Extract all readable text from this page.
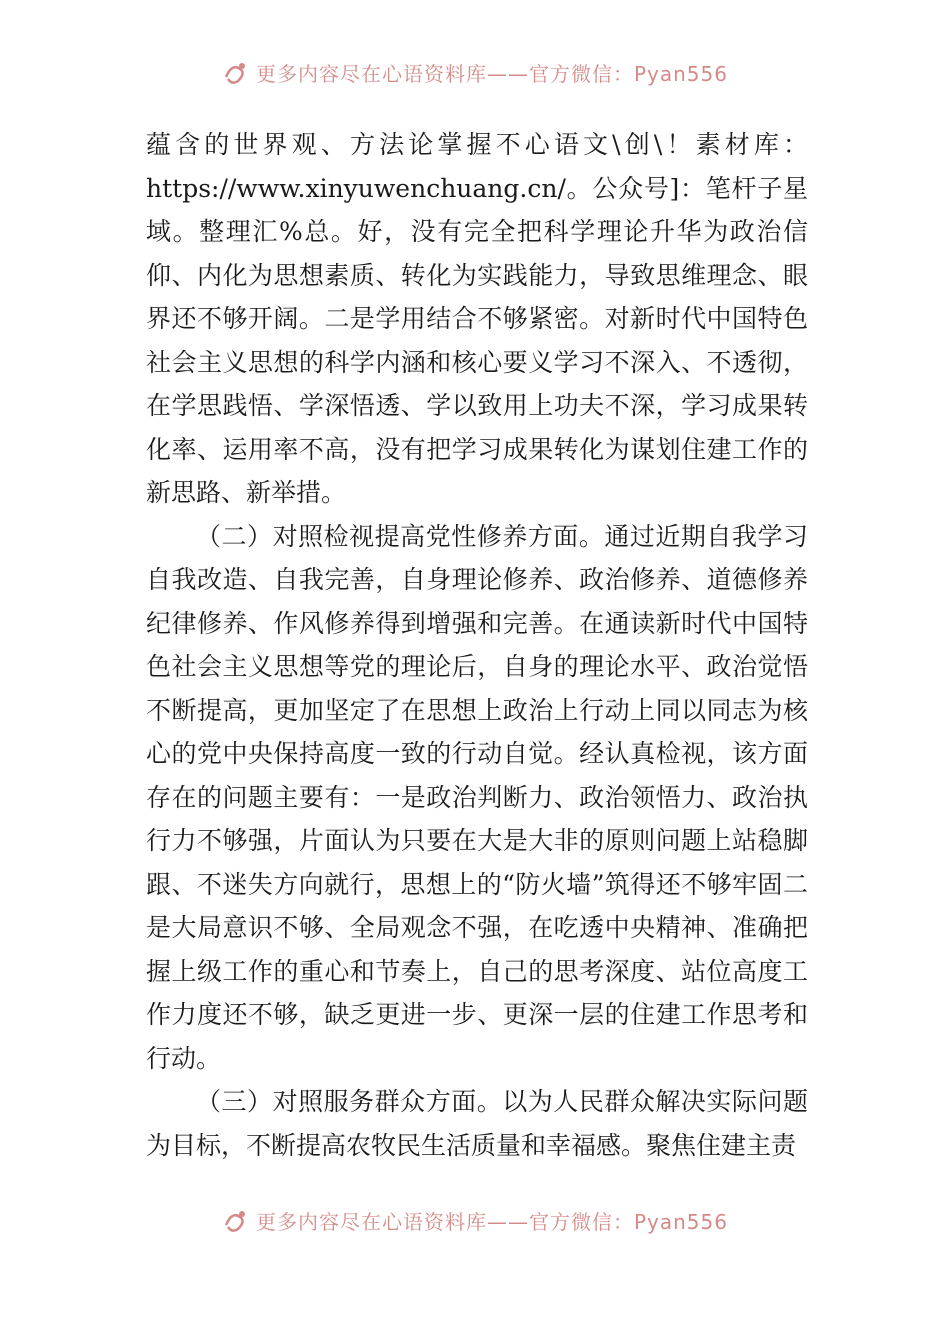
更多内容尽在心语资料库——官方微信：Pyan556

蕴含的世界观、方法论掌握不心语文\创\！素材库：

https://www.xinyuwenchuang.cn/。公众号]：笔杆子星域。整理汇%总。好，没有完全把科学理论升华为政治信仰、内化为思想素质、转化为实践能力，导致思维理念、眼界还不够开阔。二是学用结合不够紧密。对新时代中国特色社会主义思想的科学内涵和核心要义学习不深入、不透彻，在学思践悟、学深悟透、学以致用上功夫不深，学习成果转化率、运用率不高，没有把学习成果转化为谋划住建工作的新思路、新举措。

（二）对照检视提高党性修养方面。通过近期自我学习自我改造、自我完善，自身理论修养、政治修养、道德修养纪律修养、作风修养得到增强和完善。在通读新时代中国特色社会主义思想等党的理论后，自身的理论水平、政治觉悟不断提高，更加坚定了在思想上政治上行动上同以同志为核心的党中央保持高度一致的行动自觉。经认真检视，该方面存在的问题主要有：一是政治判断力、政治领悟力、政治执行力不够强，片面认为只要在大是大非的原则问题上站稳脚跟、不迷失方向就行，思想上的“防火墙”筑得还不够牢固二是大局意识不够、全局观念不强，在吃透中央精神、准确把握上级工作的重心和节奏上，自己的思考深度、站位高度工作力度还不够，缺乏更进一步、更深一层的住建工作思考和行动。

（三）对照服务群众方面。以为人民群众解决实际问题为目标，不断提高农牧民生活质量和幸福感。聚焦住建主责

更多内容尽在心语资料库——官方微信：Pyan556
